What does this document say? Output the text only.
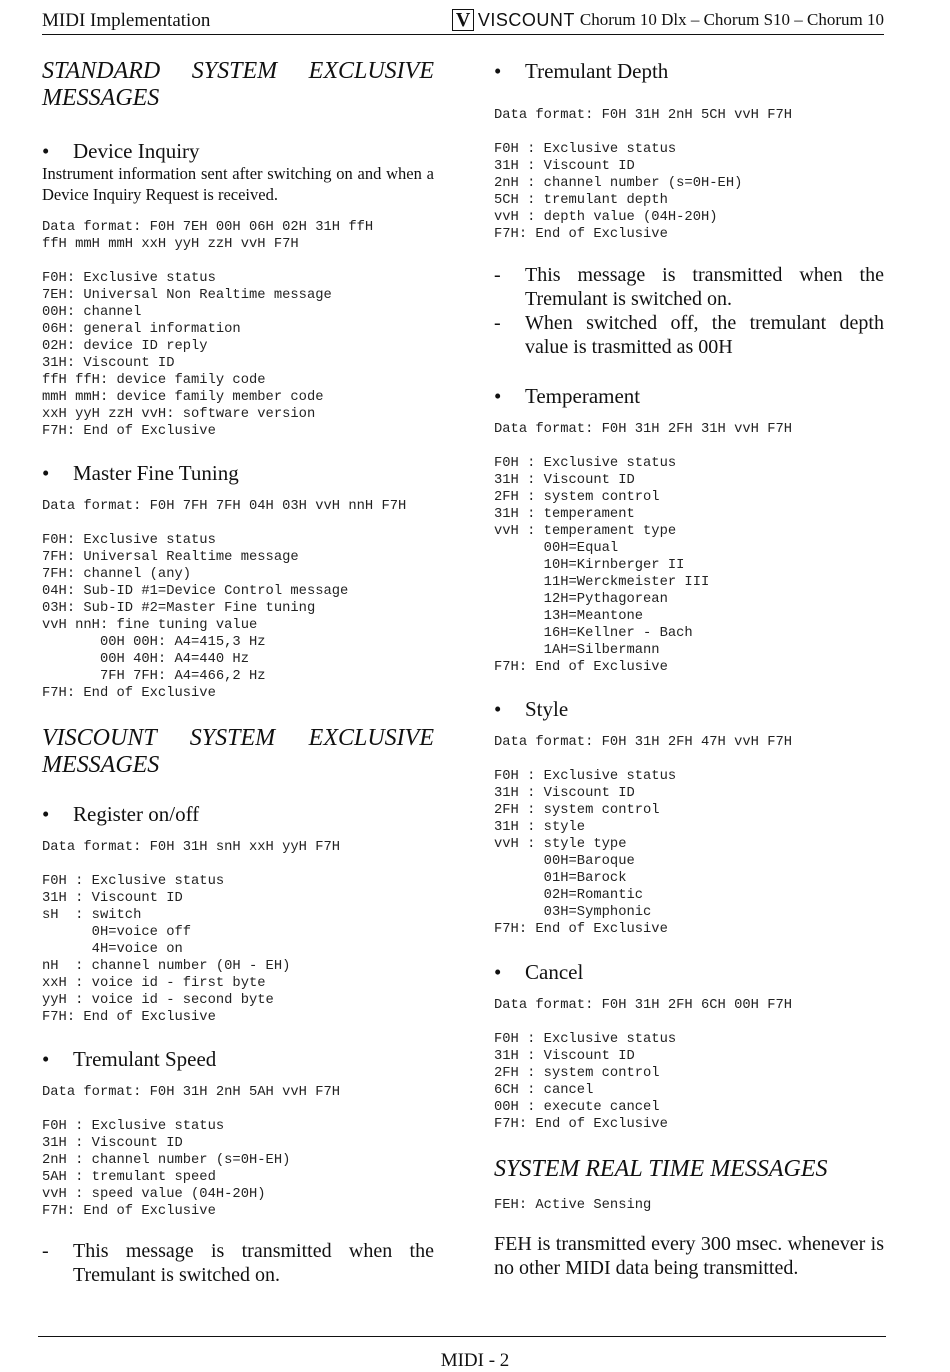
MIDI Implementation	V VISCOUNT Chorum 10 Dlx – Chorum S10 – Chorum 10
STANDARD SYSTEM EXCLUSIVE MESSAGES
•	Device Inquiry

Instrument information sent after switching on and when a Device Inquiry Request is received.

Data format: F0H 7EH 00H 06H 02H 31H ffH
ffH mmH mmH xxH yyH zzH vvH F7H
F0H: Exclusive status
7EH: Universal Non Realtime message
00H: channel
06H: general information
02H: device ID reply
31H: Viscount ID
ffH ffH: device family code
mmH mmH: device family member code
xxH yyH zzH vvH: software version
F7H: End of Exclusive
•	Master Fine Tuning
Data format: F0H 7FH 7FH 04H 03H vvH nnH F7H
F0H: Exclusive status
7FH: Universal Realtime message
7FH: channel (any)
04H: Sub-ID #1=Device Control message
03H: Sub-ID #2=Master Fine tuning
vvH nnH: fine tuning value
00H 00H: A4=415,3 Hz
00H 40H: A4=440 Hz
7FH 7FH: A4=466,2 Hz
F7H: End of Exclusive
VISCOUNT SYSTEM EXCLUSIVE MESSAGES
•	Register on/off
Data format: F0H 31H snH xxH yyH F7H
F0H : Exclusive status
31H : Viscount ID
sH  : switch
0H=voice off
4H=voice on
nH  : channel number (0H - EH)
xxH : voice id - first byte
yyH : voice id - second byte
F7H: End of Exclusive
•	Tremulant Speed
Data format: F0H 31H 2nH 5AH vvH F7H
F0H : Exclusive status
31H : Viscount ID
2nH : channel number (s=0H-EH)
5AH : tremulant speed
vvH : speed value (04H-20H)
F7H: End of Exclusive
-	This message is transmitted when the Tremulant is switched on.
•	Tremulant Depth
Data format: F0H 31H 2nH 5CH vvH F7H
F0H : Exclusive status
31H : Viscount ID
2nH : channel number (s=0H-EH)
5CH : tremulant depth
vvH : depth value (04H-20H)
F7H: End of Exclusive
-	This message is transmitted when the Tremulant is switched on.
-	When switched off, the tremulant depth value is trasmitted as 00H
•	Temperament
Data format: F0H 31H 2FH 31H vvH F7H
F0H : Exclusive status
31H : Viscount ID
2FH : system control
31H : temperament
vvH : temperament type
00H=Equal
10H=Kirnberger II
11H=Werckmeister III
12H=Pythagorean
13H=Meantone
16H=Kellner - Bach
1AH=Silbermann
F7H: End of Exclusive
•	Style
Data format: F0H 31H 2FH 47H vvH F7H
F0H : Exclusive status
31H : Viscount ID
2FH : system control
31H : style
vvH : style type
00H=Baroque
01H=Barock
02H=Romantic
03H=Symphonic
F7H: End of Exclusive
•	Cancel
Data format: F0H 31H 2FH 6CH 00H F7H
F0H : Exclusive status
31H : Viscount ID
2FH : system control
6CH : cancel
00H : execute cancel
F7H: End of Exclusive
SYSTEM REAL TIME MESSAGES
FEH: Active Sensing

FEH is transmitted every 300 msec. whenever is no other MIDI data being transmitted.

MIDI - 2
